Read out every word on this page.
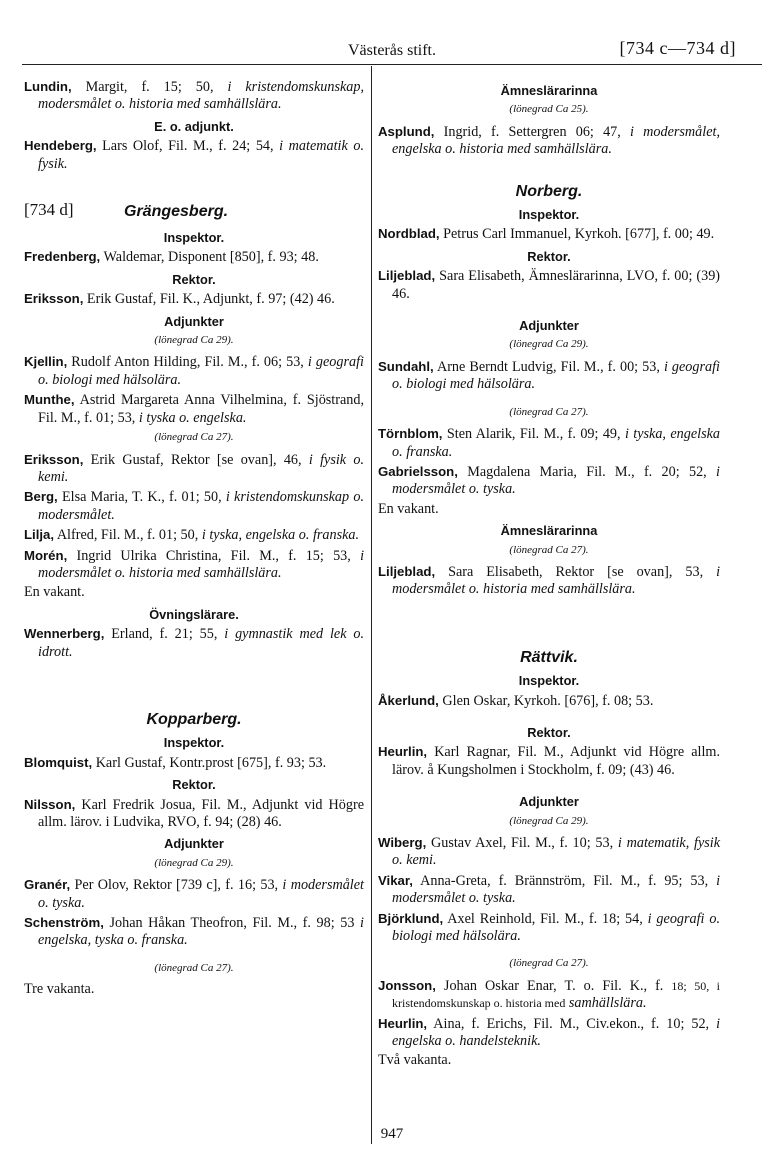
Västerås stift.	[734 c—734 d]

Lundin, Margit, f. 15; 50, i kristendomskunskap, modersmålet o. historia med samhällslära.

E. o. adjunkt.

Hendeberg, Lars Olof, Fil. M., f. 24; 54, i matematik o. fysik.

[734 d]	Grängesberg.
Inspektor.

Fredenberg, Waldemar, Disponent [850], f. 93; 48.

Rektor.

Eriksson, Erik Gustaf, Fil. K., Adjunkt, f. 97; (42) 46.

Adjunkter
(lönegrad Ca 29).

Kjellin, Rudolf Anton Hilding, Fil. M., f. 06; 53, i geografi o. biologi med hälsolära.

Munthe, Astrid Margareta Anna Vilhelmina, f. Sjöstrand, Fil. M., f. 01; 53, i tyska o. engelska.

(lönegrad Ca 27).

Eriksson, Erik Gustaf, Rektor [se ovan], 46, i fysik o. kemi.

Berg, Elsa Maria, T. K., f. 01; 50, i kristendomskunskap o. modersmålet.

Lilja, Alfred, Fil. M., f. 01; 50, i tyska, engelska o. franska.

Morén, Ingrid Ulrika Christina, Fil. M., f. 15; 53, i modersmålet o. historia med samhällslära.

En vakant.

Övningslärare.

Wennerberg, Erland, f. 21; 55, i gymnastik med lek o. idrott.

Kopparberg.
Inspektor.

Blomquist, Karl Gustaf, Kontr.prost [675], f. 93; 53.

Rektor.

Nilsson, Karl Fredrik Josua, Fil. M., Adjunkt vid Högre allm. lärov. i Ludvika, RVO, f. 94; (28) 46.

Adjunkter
(lönegrad Ca 29).

Granér, Per Olov, Rektor [739 c], f. 16; 53, i modersmålet o. tyska.

Schenström, Johan Håkan Theofron, Fil. M., f. 98; 53 i engelska, tyska o. franska.

(lönegrad Ca 27).

Tre vakanta.

Ämneslärarinna
(lönegrad Ca 25).

Asplund, Ingrid, f. Settergren 06; 47, i modersmålet, engelska o. historia med samhällslära.

Norberg.
Inspektor.

Nordblad, Petrus Carl Immanuel, Kyrkoh. [677], f. 00; 49.

Rektor.

Liljeblad, Sara Elisabeth, Ämneslärarinna, LVO, f. 00; (39) 46.

Adjunkter
(lönegrad Ca 29).

Sundahl, Arne Berndt Ludvig, Fil. M., f. 00; 53, i geografi o. biologi med hälsolära.

(lönegrad Ca 27).

Törnblom, Sten Alarik, Fil. M., f. 09; 49, i tyska, engelska o. franska.

Gabrielsson, Magdalena Maria, Fil. M., f. 20; 52, i modersmålet o. tyska.

En vakant.

Ämneslärarinna
(lönegrad Ca 27).

Liljeblad, Sara Elisabeth, Rektor [se ovan], 53, i modersmålet o. historia med samhällslära.

Rättvik.
Inspektor.

Åkerlund, Glen Oskar, Kyrkoh. [676], f. 08; 53.

Rektor.

Heurlin, Karl Ragnar, Fil. M., Adjunkt vid Högre allm. lärov. å Kungsholmen i Stockholm, f. 09; (43) 46.

Adjunkter
(lönegrad Ca 29).

Wiberg, Gustav Axel, Fil. M., f. 10; 53, i matematik, fysik o. kemi.

Vikar, Anna-Greta, f. Brännström, Fil. M., f. 95; 53, i modersmålet o. tyska.

Björklund, Axel Reinhold, Fil. M., f. 18; 54, i geografi o. biologi med hälsolära.

(lönegrad Ca 27).

Jonsson, Johan Oskar Enar, T. o. Fil. K., f. 18; 50, i kristendomskunskap o. historia med samhällslära.

Heurlin, Aina, f. Erichs, Fil. M., Civ.ekon., f. 10; 52, i engelska o. handelsteknik.

Två vakanta.

947
